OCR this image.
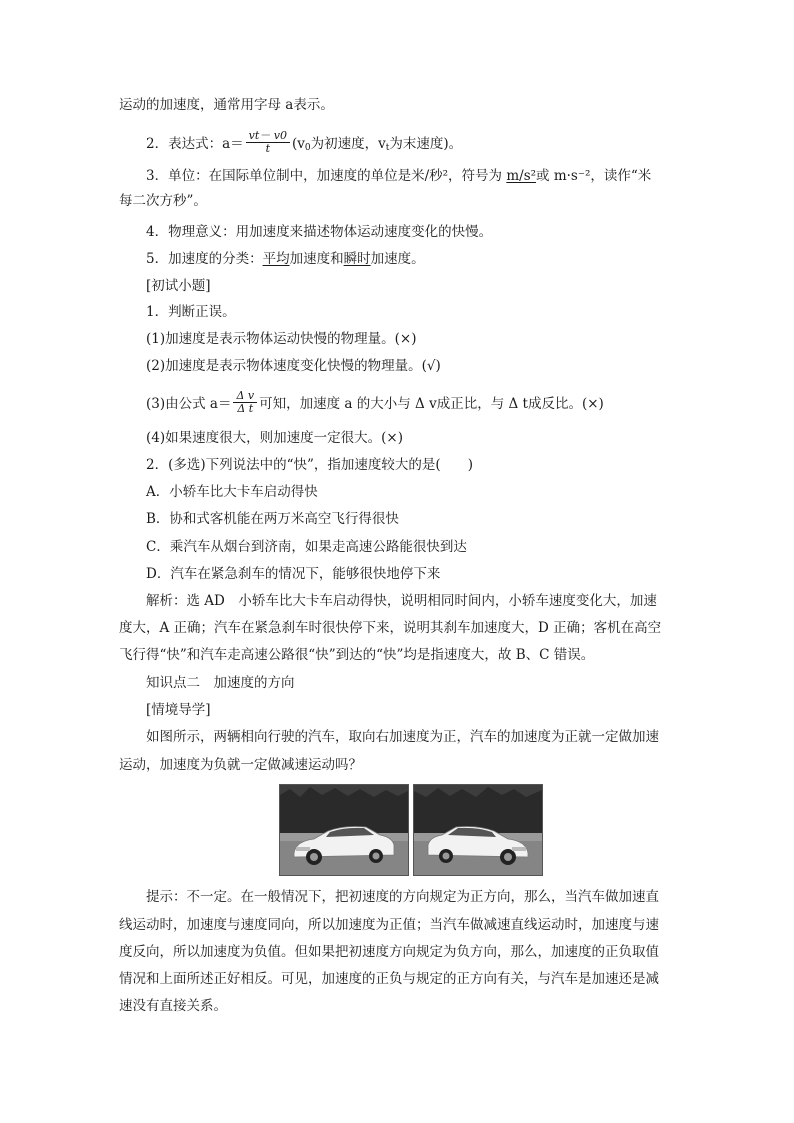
运动的加速度，通常用字母 a表示。
2．表达式：$a= \frac{vt- v0}{t} (v_0$为初速度，$v_t$为末速度)。
3．单位：在国际单位制中，加速度的单位是米/秒²，符号为 m/s²或 m·s⁻²，读作“米
每二次方秒”。
4．物理意义：用加速度来描述物体运动速度变化的快慢。
5．加速度的分类：平均加速度和瞬时加速度。
[初试小题]
1．判断正误。
(1)加速度是表示物体运动快慢的物理量。(×)
(2)加速度是表示物体速度变化快慢的物理量。(√)
(3)由公式 $a= \frac{\text{Δ v}}{\text{Δ t}}$ 可知，加速度 a 的大小与 Δ v成正比，与 Δ t成反比。(×)
(4)如果速度很大，则加速度一定很大。(×)
2．(多选)下列说法中的“快”，指加速度较大的是(　　)
A．小轿车比大卡车启动得快
B．协和式客机能在两万米高空飞行得很快
C．乘汽车从烟台到济南，如果走高速公路能很快到达
D．汽车在紧急刹车的情况下，能够很快地停下来
解析：选 AD　小轿车比大卡车启动得快，说明相同时间内，小轿车速度变化大，加速
度大，A 正确；汽车在紧急刹车时很快停下来，说明其刹车加速度大，D 正确；客机在高空
飞行得“快”和汽车走高速公路很“快”到达的“快”均是指速度大，故 B、C 错误。
知识点二　加速度的方向
[情境导学]
如图所示，两辆相向行驶的汽车，取向右加速度为正，汽车的加速度为正就一定做加速
运动，加速度为负就一定做减速运动吗？
提示：不一定。在一般情况下，把初速度的方向规定为正方向，那么，当汽车做加速直
线运动时，加速度与速度同向，所以加速度为正值；当汽车做减速直线运动时，加速度与速
度反向，所以加速度为负值。但如果把初速度方向规定为负方向，那么，加速度的正负取值
情况和上面所述正好相反。可见，加速度的正负与规定的正方向有关，与汽车是加速还是减
速没有直接关系。
